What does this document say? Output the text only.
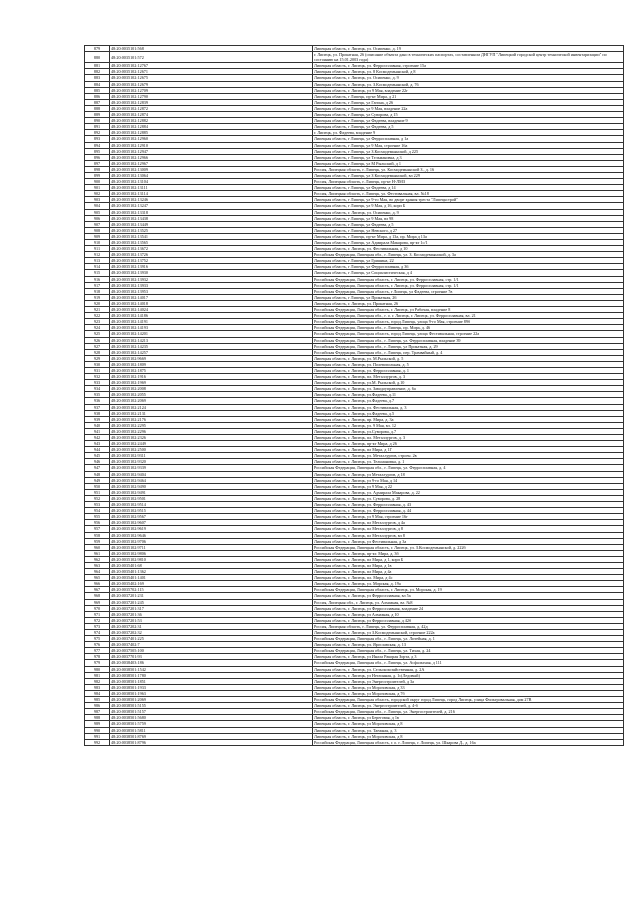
879	48:20:0035101:568	Липецкая область, г. Липецк, ул. Осипенко, д. 19
880	48:20:0035101:572	г. Липецк, ул. Прокатная, 26 (описание объекта дано в технических паспортах, составленном ДНГУП "Липецкий городской центр технической инвентаризации" по состоянию на 15.01.2003 года)
881	48:20:0035102:12767	Липецкая область, г. Липецк, ул. Ферросплавная, строение 15а
882	48:20:0035102:12671	Липецкая область, г. Липецк, ул. 8 Космодемьянской, д 8
883	48:20:0035102:12675	Липецкая область, г. Липецк, ул. Осипенко, д. 9
884	48:20:0035102:12679	Липецкая область, г. Липецк, ул. З.Космодемьянской, д. 76
885	48:20:0035102:12709	Липецкая область, г. Липецк, ул 9 Мая, владение 22г
886	48:20:0035102:12790	Липецкая область, г Липецк, пр-кт Мира, д 21
887	48:20:0035102:12839	Липецкая область, г Липецк, ул Гагина, д 26
888	48:20:0035102:12872	Липецкая область, г Липецк, ул 9 Мая, владение 22а
889	48:20:0035102:12874	Липецкая область, г Липецк, ул Суворова, д 15
890	48:20:0035102:12882	Липецкая область, г Липецк, ул Фадеева, владение 9
891	48:20:0035102:12884	Липецкая область, г Липецк, ул Фадеева, д 5
892	48:20:0035102:12885	г. Липецк, ул. Фадеева, владение 9
893	48:20:0035102:12960	Липецкая область, г Липецк, ул Ферросплавная, д 1а
894	48:20:0035102:12910	Липецкая область, г Липецк, ул 9 Мая, строение 16а
895	48:20:0035102:12947	Липецкая область, г Липецк, ул З.Космодемьянской, д 225
896	48:20:0035102:12966	Липецкая область, г Липецк, ул Тельмановка, д 3
897	48:20:0035102:12967	Липецкая область, г Липецк, ул М Рыльский, д 1
898	48:20:0035102:13009	Россия, Липецкая область, г. Липецк, ул. Космодемьянской З., д. 16
899	48:20:0035102:13064	Липецкая область, г Липецк, ул З Космодемьянской, вл 229
900	48:20:0035102:13104	Россия, Липецкая область, г. Липецк, пр-кт Н-ЛМЗ
901	48:20:0035102:13111	Липецкая область, г Липецк, ул Фадеева, д 14
902	48:20:0035102:13114	Россия, Липецкая область, г. Липецк, ул. Фестивальная, вл. №18
903	48:20:0035102:13246	Липецкая область, г Липецк, ул 9-го Мая, во дворе здания треста "Липецкстрой"
904	48:20:0035102:13247	Липецкая область, г Липецк, ул 9 Мая, д 16, корп Б
905	48:20:0035102:13318	Липецкая область, г. Липецк, ул. Осипенко, д. 9
906	48:20:0035102:13438	Липецкая область, г Липецк, ул 9 Мая, вл 98
907	48:20:0035102:13449	Липецкая область, г Липецк, ул Фадеева, д 5
908	48:20:0035102:13525	Липецкая область, г Липецк, ул Невского, д 27
909	48:20:0035102:13541	Липецкая область, г Липецк, пр-кт Мира, д 13а, пр. Мира д 13а
910	48:20:0035102:13565	Липецкая область, г Липецк, ул Адмирала Макарова, пр-кт 1с/1
911	48:20:0035102:13672	Липецкая область, г. Липецк, ул. Фестивальная, д 10
912	48:20:0035102:13726	Российская Федерация, Липецкая обл., г. Липецк, ул. З. Космодемьянской, д. 3а
913	48:20:0035102:13752	Липецкая область, г Липецк, ул Гришина, 22
914	48:20:0035102:13916	Липецкая область, г Липецк, ул Ферросплавная, д 36
915	48:20:0035102:13930	Липецкая область, г Липецк, ул Социалистическая, д 4
916	48:20:0035102:13932	Российская Федерация, Липецкая область, г. Липецк, ул. Ферросплавная, стр. 1/1
917	48:20:0035102:13933	Российская Федерация, Липецкая область, г. Липецк, ул. Ферросплавная, стр. 1/1
918	48:20:0035102:13953	Российская Федерация, Липецкая область, г Липецк, ул Фадеева, строение 7в
919	48:20:0035102:14017	Липецкая область, г Липецк, ул Прокатная, 26
920	48:20:0035102:14018	Липецкая область, г. Липецк, ул. Прокатная, 26
921	48:20:0035102:14024	Российская Федерация, Липецкая область, г. Липецк, ул Рабочая, владение 8
922	48:20:0035102:14186	Российская Федерация, Липецкая обл., г. о. г. Липецк, г. Липецк, ул. Ферросплавная, вл. 21
923	48:20:0035102:14191	Российская Федерация, Липецкая область, город Липецк, улица 9-го Мая, строение 89б
924	48:20:0035102:14193	Российская Федерация, Липецкая обл., г. Липецк, пр. Мира, д. 46
925	48:20:0035102:14201	Российская Федерация, Липецкая область, город Липецк, улица Фестивальная, строение 22а
926	48:20:0035102:14213	Российская Федерация, Липецкая обл., г. Липецк, ул. Ферросплавная, владение 39
927	48:20:0035102:14235	Российская Федерация, Липецкая обл., г. Липецк, ул Прокатная, д. 29
928	48:20:0035102:14257	Российская Федерация, Липецкая обл., г. Липецк, пер. Трамвайный, д. 4
929	48:20:0035102:9669	Липецкая область, г. Липецк, ул. М.Рыльской, д. 5
930	48:20:0035102:1809	Липецкая область, г. Липецк, ул. Полевопольная, д. 5
931	48:20:0035102:1875	Липецкая область, г. Липецк, ул. Ферросплавная, д. 1
932	48:20:0035102:1916	Липецкая область, г. Липецк, пл. Металлургов, д. 3
933	48:20:0035102:1969	Липецкая область, г. Липецк, ул.М. Рыльской, д.10
934	48:20:0035102:2008	Липецкая область, г. Липецк, ул. Заводоуправление, д. 6а
935	48:20:0035102:2055	Липецкая область, г. Липецк, ул.Фадеева, д.11
936	48:20:0035102:2069	Липецкая область, г. Липецк, ул.Фадеева, д.7
937	48:20:0035102:2124	Липецкая область, г. Липецк, ул. Фестивальная, д. 3
938	48:20:0035102:2131	Липецкая область, г. Липецк, ул.Фадеева, д.5
939	48:20:0035102:2176	Липецкая область, г. Липецк, пр. Мира, д. 3а
940	48:20:0035102:2295	Липецкая область, г. Липецк, ул. 9 Мая, вл. 12
941	48:20:0035102:2296	Липецкая область, г. Липецк, ул.Суворова, д.7
942	48:20:0035102:2326	Липецкая область, г. Липецк, пл. Металлургов, д. 3
943	48:20:0035102:2449	Липецкая область, г. Липецк, пр-кт Мира, д 26
944	48:20:0035102:2500	Липецкая область, г. Липецк, пл Мира, д 1Г
945	48:20:0035102:9311	Липецкая область, г. Липецк, ул. Металлургов, строен. 2в
946	48:20:0035102:9320	Липецкая область, г. Липецк, ул. Тельмановка, д. 1
947	48:20:0035102:9339	Российская Федерация, Липецкая обл., г. Липецк, ул. Ферросплавная, д. 4
948	48:20:0035102:9404	Липецкая область, г. Липецк, ул Металлургов, д 18
949	48:20:0035102:9464	Липецкая область, г. Липецк, ул 9-го Мая, д 14
950	48:20:0035102:9490	Липецкая область, г. Липецк, ул 9 Мая, д 22
951	48:20:0035102:9491	Липецкая область, г. Липецк, ул. Адмирала Макарова, д. 22
952	48:20:0035102:9501	Липецкая область, г. Липецк, ул. Суворова, д. 28
953	48:20:0035102:9514	Липецкая область, г. Липецк, ул. Ферросплавная, д. 43
954	48:20:0035102:9515	Липецкая область, г. Липецк, ул. Ферросплавная, д. 44
955	48:20:0035102:9567	Липецкая область, г. Липецк, ул 9 Мая, строение 16г
956	48:20:0035102:9607	Липецкая область, г. Липецк, пл Металлургов, д 4а
957	48:20:0035102:9619	Липецкая область, г. Липецк, пл Металлургов, д 8
958	48:20:0035102:9646	Липецкая область, г. Липецк, пл Металлургов, вл 8
959	48:20:0035102:9706	Липецкая область, г. Липецк, ул Фестивальная, д 3а
960	48:20:0035102:9711	Российская Федерация, Липецкая область, г. Липецк, ул. З.Космодемьянской, д. 222б
961	48:20:0035102:9806	Липецкая область, г. Липецк, пр-кт. Мира, д. 3б
962	48:20:0035102:9810	Липецкая область, г. Липецк, пл Мира, д 1, корп Б
963	48:20:0035401:68	Липецкая область, г. Липецк, пл Мира, д 1в
964	48:20:0035401:1362	Липецкая область, г. Липецк, пл Мира, д 4а
965	48:20:0035401:1401	Липецкая область, г. Липецк, пл. Мира, д 4с
966	48:20:0035402:169	Липецкая область, г. Липецк, ул. Морская, д. 19а
967	48:20:0035702:115	Российская Федерация, Липецкая область, г. Липецк, ул. Морская, д. 19
968	48:20:0037201:231	Липецкая область, г. Липецк, ул Ферросплавная, вл 5а
969	48:20:0037201:245	Россия, Липецкая обл., г. Липецк, ул. Алмазная, вл. №8
970	48:20:0037201:317	Липецкая область, г. Липецк, ул Ферросплавная, владение 24
971	48:20:0037201:36	Липецкая область, г. Липецк, ул Алмазная, д 10
972	48:20:0037201:53	Липецкая область, г. Липецк, ул Ферросплавная, д 42б
973	48:20:0037202:31	Россия, Липецкая область, г. Липецк, ул. Ферросплавная, д. 42д
974	48:20:0037202:32	Липецкая область, г. Липецк, ул З.Космодемьянской, строение 222а
975	48:20:0037401:225	Российская Федерация, Липецкая обл., г. Липецк, ул. Литейная, д. 1
976	48:20:0037402:7	Липецкая область, г. Липецк, ул. Ярославская, д. 13
977	48:20:0037505:100	Российская Федерация, Липецкая обл., г. Липецк, ул. Тихая, д. 24
978	48:20:0037701:93	Липецкая область, г. Липецк, ул Инала Ракорая Зорта, д 3
979	48:20:0038403:186	Российская Федерация, Липецкая обл., г. Липецк, ул. Асфальтная, д 111
980	48:20:0038501:1542	Липецкая область, г. Липецк, ул. Сельскохозяйственная, д. 2А
981	48:20:0038501:1780	Липецкая область, г. Липецк, ул Неглинная, д. 1с(Ледовый)
982	48:20:0038501:1851	Липецкая область, г. Липецк, ул Энергостроителей, д 3а
983	48:20:0038501:1933	Липецкая область, г. Липецк, ул Морозовская, д 33
984	48:20:0038501:1963	Липецкая область, г. Липецк, ул Морозовская, д 7б
985	48:20:0038501:2069	Российская Федерация, Липецкая область, городской округ город Липецк, город Липецк, улица Фильтровальная, дом 27В
986	48:20:0038501:5155	Липецкая область, г. Липецк, ул. Энергостроителей, д. 4-б
987	48:20:0038501:5157	Российская Федерация, Липецкая обл., г. Липецк, ул. Энергостроителей, д. 216
988	48:20:0038501:5680	Липецкая область, г. Липецк, ул Береговая, д 1в
989	48:20:0038501:5759	Липецкая область, г. Липецк, ул Морозовская, д 8
990	48:20:0038501:5811	Липецкая область, г. Липецк, ул. Таежная, д. 3
991	48:20:0038501:8769	Липецкая область, г. Липецк, ул Морозовская, д 8
992	48:20:0038501:8796	Российская Федерация, Липецкая область, г. о. г. Липецк, г. Липецк, ул. Шкарова Д., д. 16а
